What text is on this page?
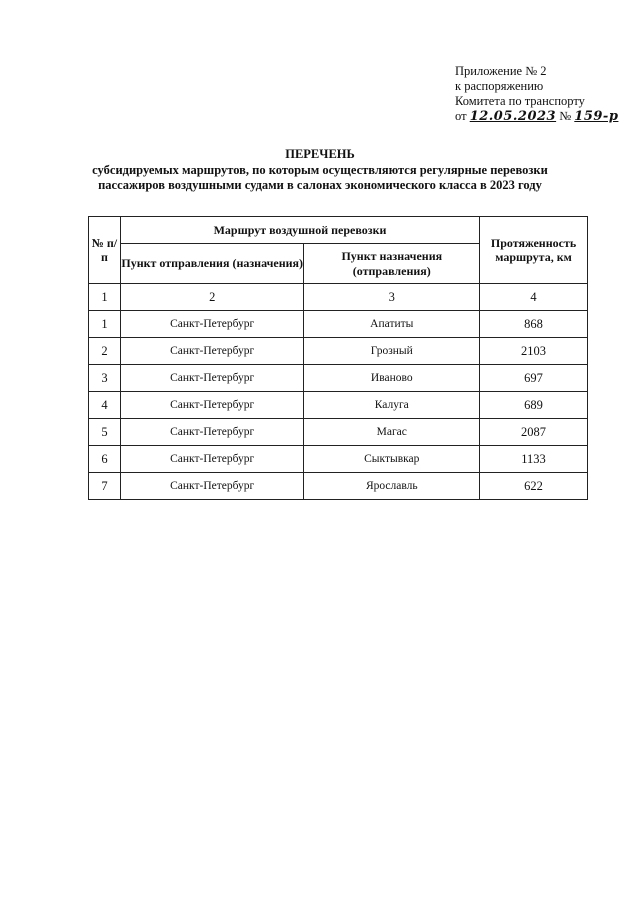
Приложение № 2
к распоряжению
Комитета по транспорту
от 12.05.2023 № 159-р
ПЕРЕЧЕНЬ
субсидируемых маршрутов, по которым осуществляются регулярные перевозки
пассажиров воздушными судами в салонах экономического класса в 2023 году
№ п/п	Маршрут воздушной перевозки		Протяженность маршрута, км
	Пункт отправления (назначения)	Пункт назначения (отправления)	
1	2	3	4
1	Санкт-Петербург	Апатиты	868
2	Санкт-Петербург	Грозный	2103
3	Санкт-Петербург	Иваново	697
4	Санкт-Петербург	Калуга	689
5	Санкт-Петербург	Магас	2087
6	Санкт-Петербург	Сыктывкар	1133
7	Санкт-Петербург	Ярославль	622
